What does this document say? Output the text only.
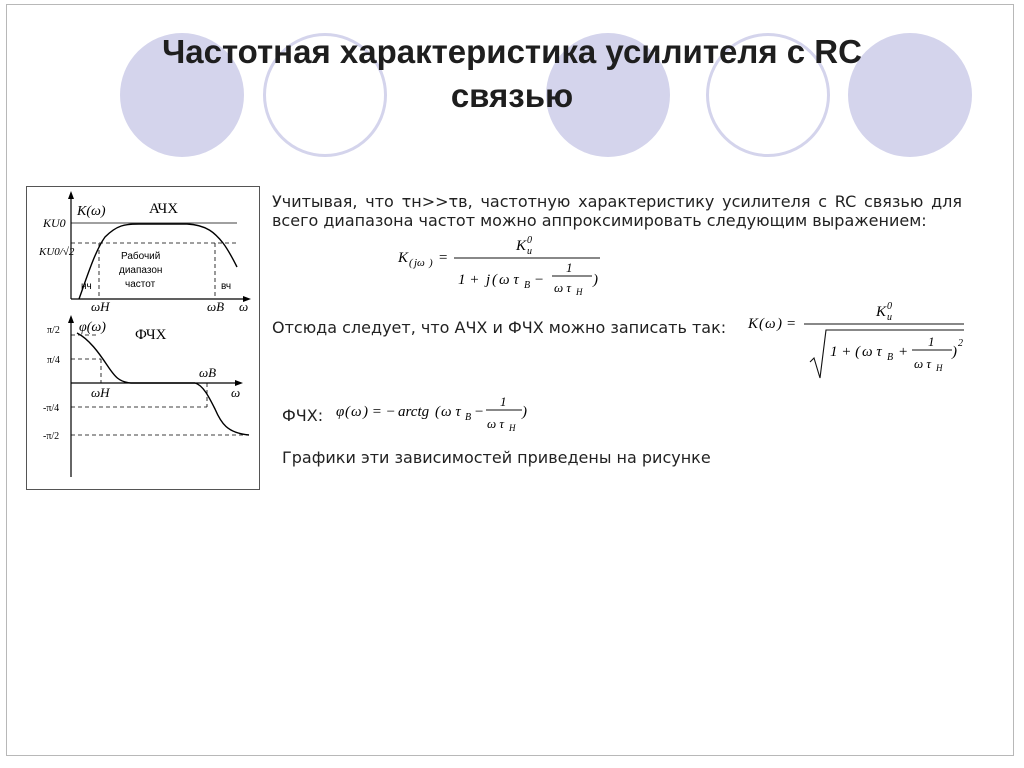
Частотная характеристика усилителя с RC
связью
K(ω)	АЧХ
KU0
KU0/√2	Рабочий
диапазон
частот
нч	вч
ωH	ωB ω
φ(ω) ФЧХ
π/2
π/4
-π/4
-π/2
ωH
ωB
ω
Учитывая, что τн>>τв, частотную характеристику усилителя с RC связью для всего диапазона частот можно аппроксимировать следующим выражением:
K ( jω ) =
K u
0
1 + j ( ω τ B −
1
ω τ H
)
Отсюда следует, что АЧХ и ФЧХ можно записать так: K ( ω ) =
K u
0
1 + ( ω τ B +
1
ω τ H
)
2
ФЧХ: φ ( ω ) = − arctg ( ω τ B −
1
ω τ H
)
Графики эти зависимостей приведены на рисунке
